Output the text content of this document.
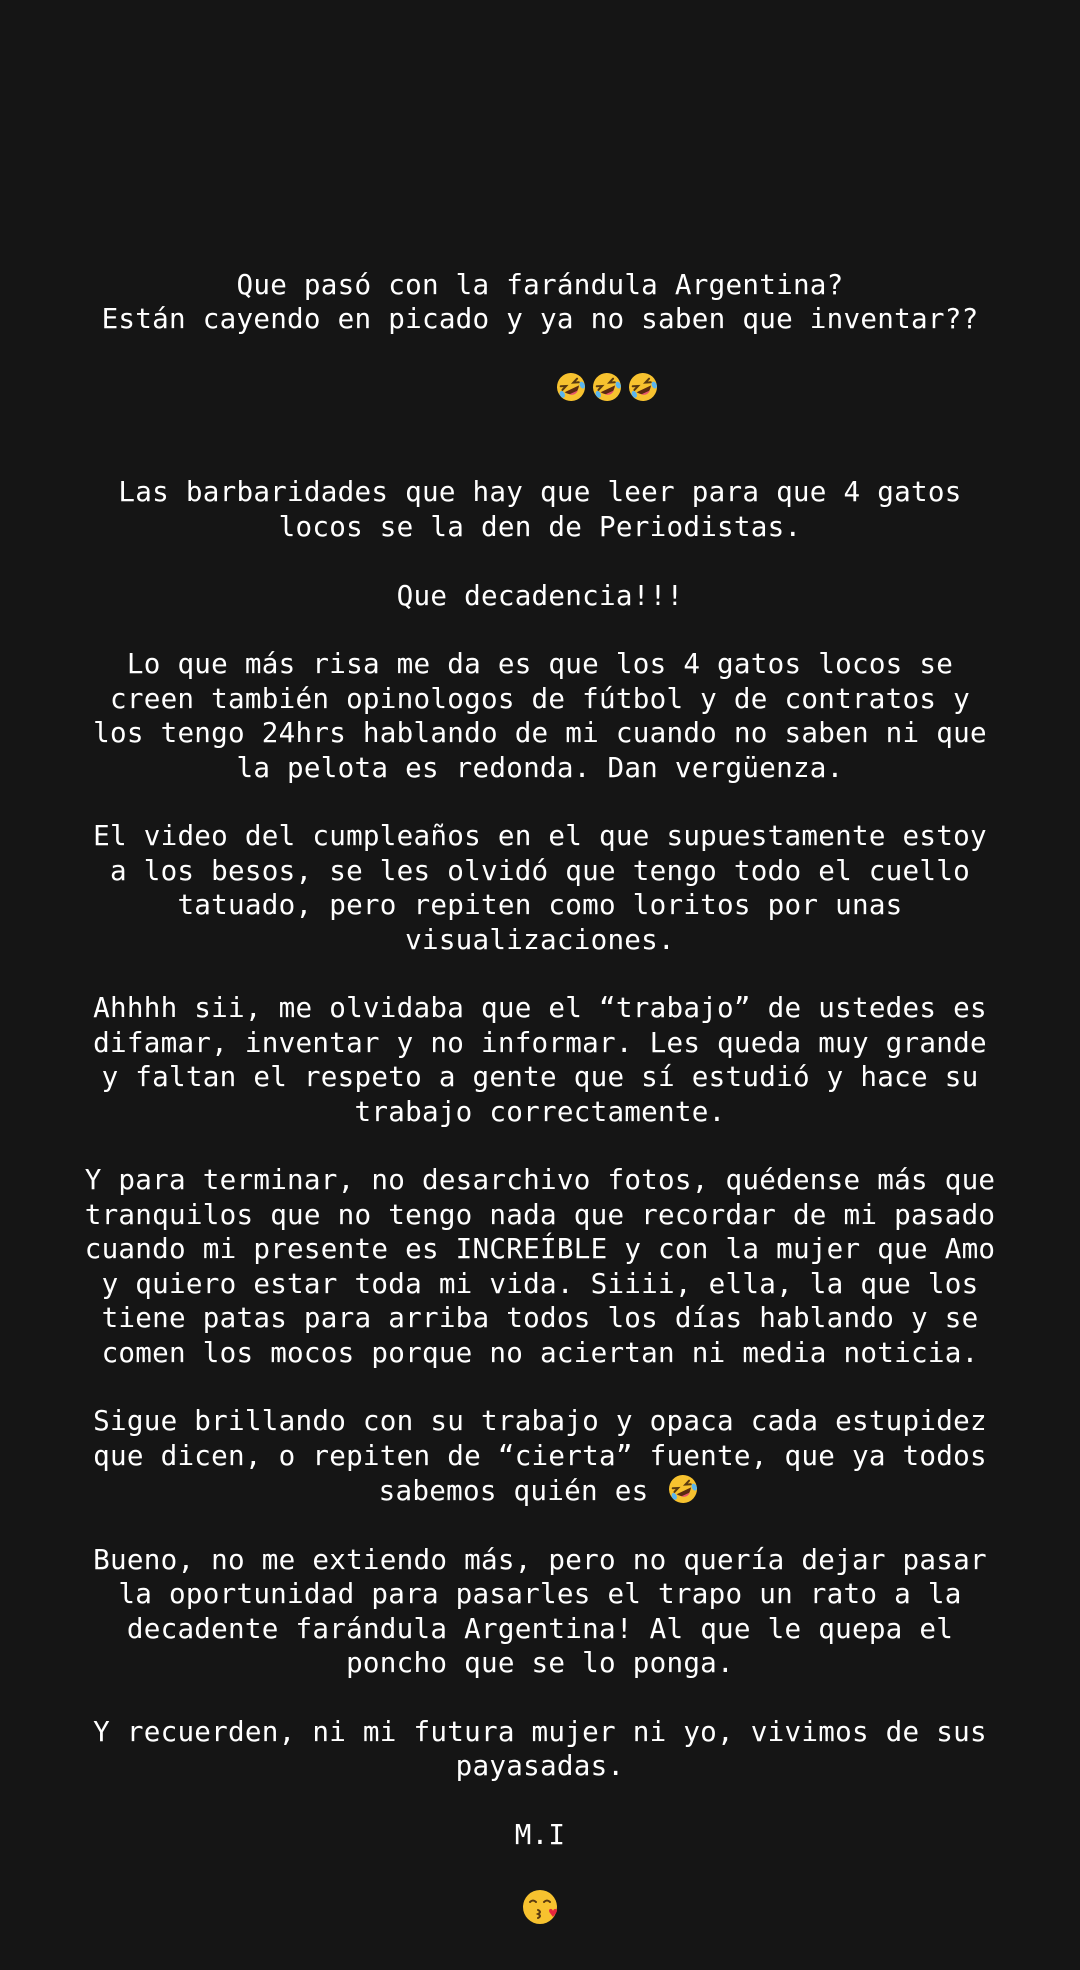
Que pasó con la farándula Argentina?
Están cayendo en picado y ya no saben que inventar??

Las barbaridades que hay que leer para que 4 gatos
locos se la den de Periodistas.
Que decadencia!!!
Lo que más risa me da es que los 4 gatos locos se
creen también opinologos de fútbol y de contratos y
los tengo 24hrs hablando de mi cuando no saben ni que
la pelota es redonda. Dan vergüenza.
El video del cumpleaños en el que supuestamente estoy
a los besos, se les olvidó que tengo todo el cuello
tatuado, pero repiten como loritos por unas
visualizaciones.
Ahhhh sii, me olvidaba que el “trabajo” de ustedes es
difamar, inventar y no informar. Les queda muy grande
y faltan el respeto a gente que sí estudió y hace su
trabajo correctamente.
Y para terminar, no desarchivo fotos, quédense más que
tranquilos que no tengo nada que recordar de mi pasado
cuando mi presente es INCREÍBLE y con la mujer que Amo
y quiero estar toda mi vida. Siiii, ella, la que los
tiene patas para arriba todos los días hablando y se
comen los mocos porque no aciertan ni media noticia.
Sigue brillando con su trabajo y opaca cada estupidez
que dicen, o repiten de “cierta” fuente, que ya todos
sabemos quién es
Bueno, no me extiendo más, pero no quería dejar pasar
la oportunidad para pasarles el trapo un rato a la
decadente farándula Argentina! Al que le quepa el
poncho que se lo ponga.
Y recuerden, ni mi futura mujer ni yo, vivimos de sus
payasadas.
M.I
